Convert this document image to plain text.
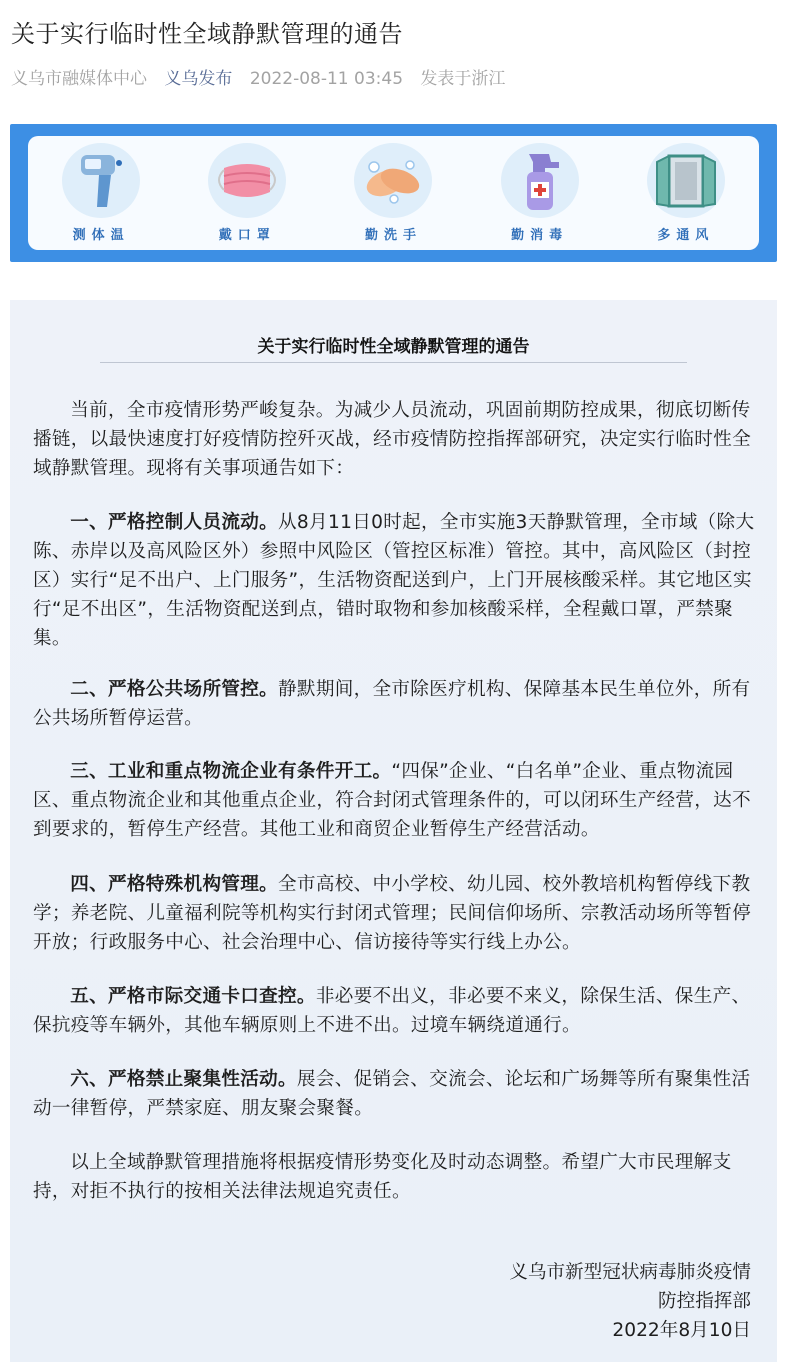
关于实行临时性全域静默管理的通告
义乌市融媒体中心 义乌发布 2022-08-11 03:45 发表于浙江
测体温	戴口罩	勤洗手	勤消毒	多通风
关于实行临时性全域静默管理的通告

当前，全市疫情形势严峻复杂。为减少人员流动，巩固前期防控成果，彻底切断传播链，以最快速度打好疫情防控歼灭战，经市疫情防控指挥部研究，决定实行临时性全域静默管理。现将有关事项通告如下：

一、严格控制人员流动。从8月11日0时起，全市实施3天静默管理，全市域（除大陈、赤岸以及高风险区外）参照中风险区（管控区标准）管控。其中，高风险区（封控区）实行“足不出户、上门服务”，生活物资配送到户，上门开展核酸采样。其它地区实行“足不出区”，生活物资配送到点，错时取物和参加核酸采样，全程戴口罩，严禁聚集。

二、严格公共场所管控。静默期间，全市除医疗机构、保障基本民生单位外，所有公共场所暂停运营。

三、工业和重点物流企业有条件开工。“四保”企业、“白名单”企业、重点物流园区、重点物流企业和其他重点企业，符合封闭式管理条件的，可以闭环生产经营，达不到要求的，暂停生产经营。其他工业和商贸企业暂停生产经营活动。

四、严格特殊机构管理。全市高校、中小学校、幼儿园、校外教培机构暂停线下教学；养老院、儿童福利院等机构实行封闭式管理；民间信仰场所、宗教活动场所等暂停开放；行政服务中心、社会治理中心、信访接待等实行线上办公。

五、严格市际交通卡口查控。非必要不出义，非必要不来义，除保生活、保生产、保抗疫等车辆外，其他车辆原则上不进不出。过境车辆绕道通行。

六、严格禁止聚集性活动。展会、促销会、交流会、论坛和广场舞等所有聚集性活动一律暂停，严禁家庭、朋友聚会聚餐。

以上全域静默管理措施将根据疫情形势变化及时动态调整。希望广大市民理解支持，对拒不执行的按相关法律法规追究责任。

义乌市新型冠状病毒肺炎疫情
防控指挥部
2022年8月10日
